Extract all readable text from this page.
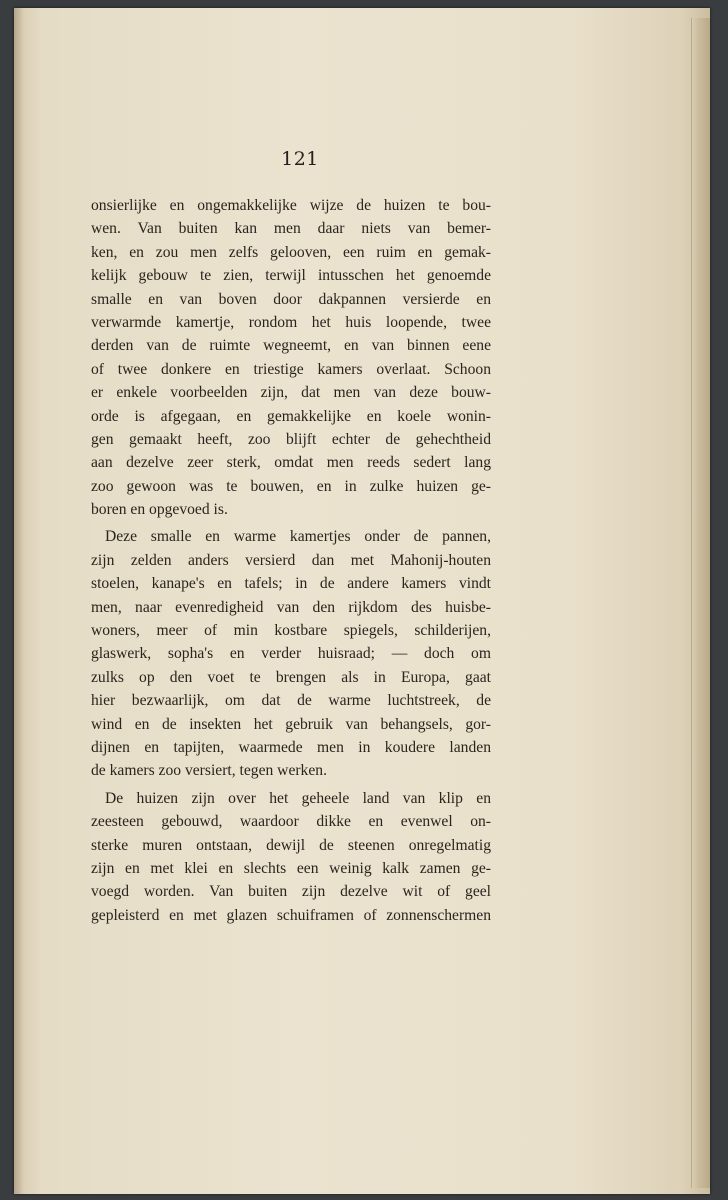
121
onsierlijke en ongemakkelijke wijze de huizen te bou-
wen. Van buiten kan men daar niets van bemer-
ken, en zou men zelfs gelooven, een ruim en gemak-
kelijk gebouw te zien, terwijl intusschen het genoemde
smalle en van boven door dakpannen versierde en
verwarmde kamertje, rondom het huis loopende, twee
derden van de ruimte wegneemt, en van binnen eene
of twee donkere en triestige kamers overlaat. Schoon
er enkele voorbeelden zijn, dat men van deze bouw-
orde is afgegaan, en gemakkelijke en koele wonin-
gen gemaakt heeft, zoo blijft echter de gehechtheid
aan dezelve zeer sterk, omdat men reeds sedert lang
zoo gewoon was te bouwen, en in zulke huizen ge-
boren en opgevoed is.
Deze smalle en warme kamertjes onder de pannen,
zijn zelden anders versierd dan met Mahonij-houten
stoelen, kanape's en tafels; in de andere kamers vindt
men, naar evenredigheid van den rijkdom des huisbe-
woners, meer of min kostbare spiegels, schilderijen,
glaswerk, sopha's en verder huisraad; — doch om
zulks op den voet te brengen als in Europa, gaat
hier bezwaarlijk, om dat de warme luchtstreek, de
wind en de insekten het gebruik van behangsels, gor-
dijnen en tapijten, waarmede men in koudere landen
de kamers zoo versiert, tegen werken.
De huizen zijn over het geheele land van klip en
zeesteen gebouwd, waardoor dikke en evenwel on-
sterke muren ontstaan, dewijl de steenen onregelmatig
zijn en met klei en slechts een weinig kalk zamen ge-
voegd worden. Van buiten zijn dezelve wit of geel
gepleisterd en met glazen schuiframen of zonnenschermen
